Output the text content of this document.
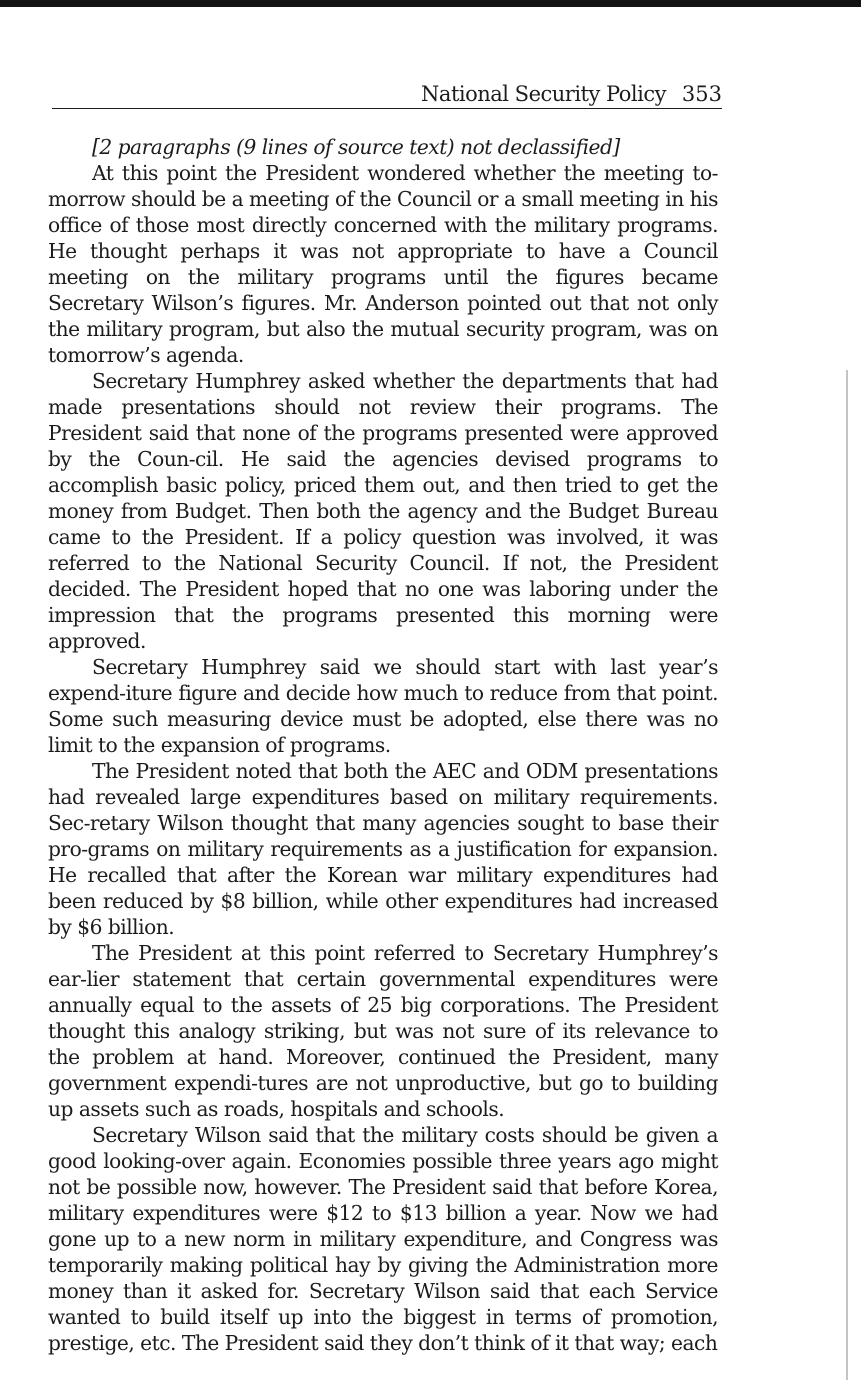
National Security Policy 353

[2 paragraphs (9 lines of source text) not declassified]

At this point the President wondered whether the meeting to-morrow should be a meeting of the Council or a small meeting in his office of those most directly concerned with the military programs. He thought perhaps it was not appropriate to have a Council meeting on the military programs until the figures became Secretary Wilson’s figures. Mr. Anderson pointed out that not only the military program, but also the mutual security program, was on tomorrow’s agenda.

Secretary Humphrey asked whether the departments that had made presentations should not review their programs. The President said that none of the programs presented were approved by the Coun-cil. He said the agencies devised programs to accomplish basic policy, priced them out, and then tried to get the money from Budget. Then both the agency and the Budget Bureau came to the President. If a policy question was involved, it was referred to the National Security Council. If not, the President decided. The President hoped that no one was laboring under the impression that the programs presented this morning were approved.

Secretary Humphrey said we should start with last year’s expend-iture figure and decide how much to reduce from that point. Some such measuring device must be adopted, else there was no limit to the expansion of programs.

The President noted that both the AEC and ODM presentations had revealed large expenditures based on military requirements. Sec-retary Wilson thought that many agencies sought to base their pro-grams on military requirements as a justification for expansion. He recalled that after the Korean war military expenditures had been reduced by $8 billion, while other expenditures had increased by $6 billion.

The President at this point referred to Secretary Humphrey’s ear-lier statement that certain governmental expenditures were annually equal to the assets of 25 big corporations. The President thought this analogy striking, but was not sure of its relevance to the problem at hand. Moreover, continued the President, many government expendi-tures are not unproductive, but go to building up assets such as roads, hospitals and schools.

Secretary Wilson said that the military costs should be given a good looking-over again. Economies possible three years ago might not be possible now, however. The President said that before Korea, military expenditures were $12 to $13 billion a year. Now we had gone up to a new norm in military expenditure, and Congress was temporarily making political hay by giving the Administration more money than it asked for. Secretary Wilson said that each Service wanted to build itself up into the biggest in terms of promotion, prestige, etc. The President said they don’t think of it that way; each
